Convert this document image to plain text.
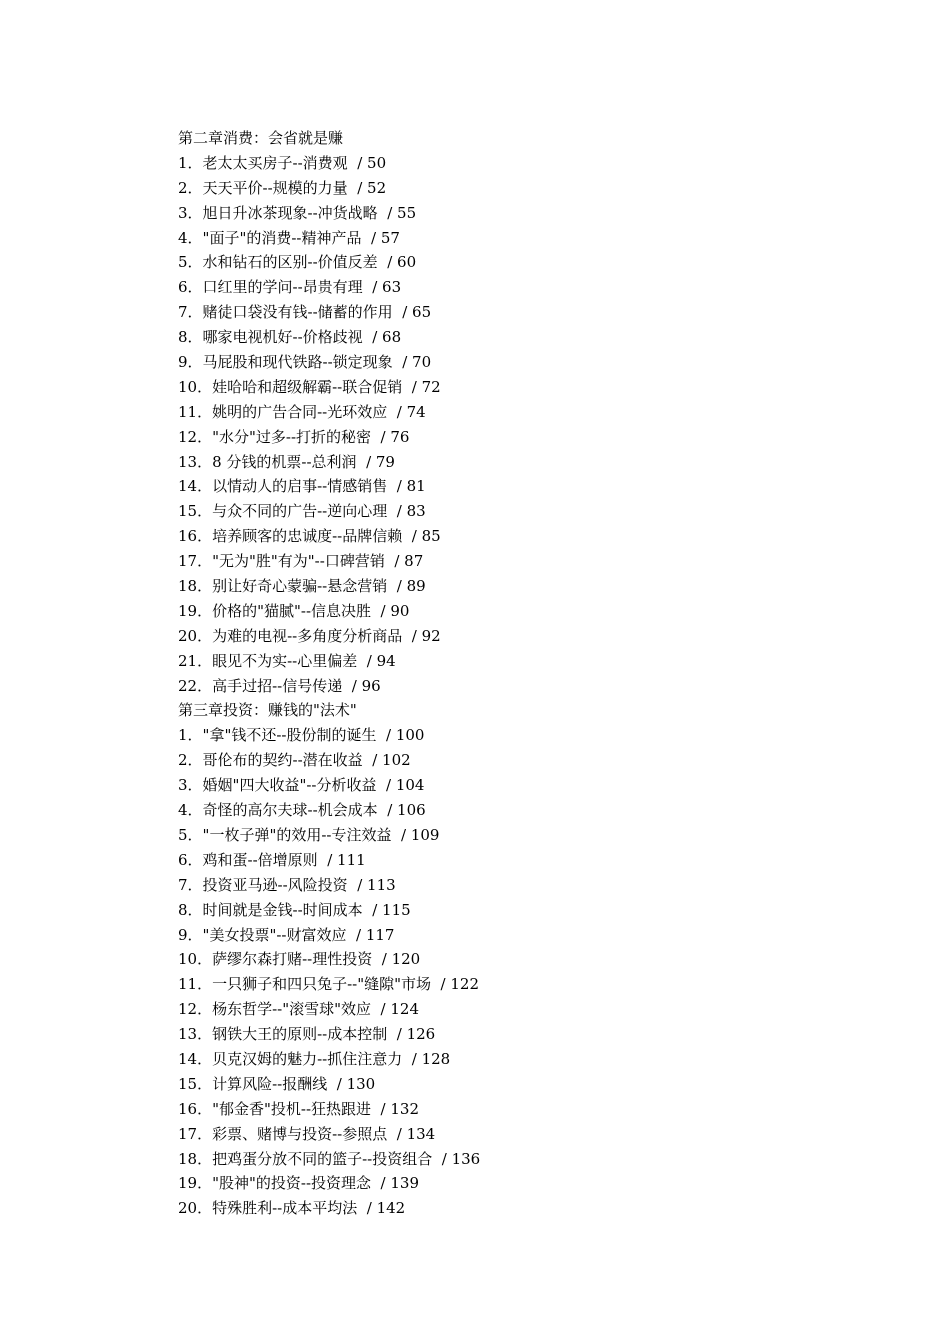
第二章消费：会省就是赚
1．老太太买房子--消费观  / 50
2．天天平价--规模的力量  / 52
3．旭日升冰茶现象--冲货战略  / 55
4．"面子"的消费--精神产品  / 57
5．水和钻石的区别--价值反差  / 60
6．口红里的学问--昂贵有理  / 63
7．赌徒口袋没有钱--储蓄的作用  / 65
8．哪家电视机好--价格歧视  / 68
9．马屁股和现代铁路--锁定现象  / 70
10．娃哈哈和超级解霸--联合促销  / 72
11．姚明的广告合同--光环效应  / 74
12．"水分"过多--打折的秘密  / 76
13．8 分钱的机票--总利润  / 79
14．以情动人的启事--情感销售  / 81
15．与众不同的广告--逆向心理  / 83
16．培养顾客的忠诚度--品牌信赖  / 85
17．"无为"胜"有为"--口碑营销  / 87
18．别让好奇心蒙骗--悬念营销  / 89
19．价格的"猫腻"--信息决胜  / 90
20．为难的电视--多角度分析商品  / 92
21．眼见不为实--心里偏差  / 94
22．高手过招--信号传递  / 96
第三章投资：赚钱的"法术"
1．"拿"钱不还--股份制的诞生  / 100
2．哥伦布的契约--潜在收益  / 102
3．婚姻"四大收益"--分析收益  / 104
4．奇怪的高尔夫球--机会成本  / 106
5．"一枚子弹"的效用--专注效益  / 109
6．鸡和蛋--倍增原则  / 111
7．投资亚马逊--风险投资  / 113
8．时间就是金钱--时间成本  / 115
9．"美女投票"--财富效应  / 117
10．萨缪尔森打赌--理性投资  / 120
11．一只狮子和四只兔子--"缝隙"市场  / 122
12．杨东哲学--"滚雪球"效应  / 124
13．钢铁大王的原则--成本控制  / 126
14．贝克汉姆的魅力--抓住注意力  / 128
15．计算风险--报酬线  / 130
16．"郁金香"投机--狂热跟进  / 132
17．彩票、赌博与投资--参照点  / 134
18．把鸡蛋分放不同的篮子--投资组合  / 136
19．"股神"的投资--投资理念  / 139
20．特殊胜利--成本平均法  / 142
